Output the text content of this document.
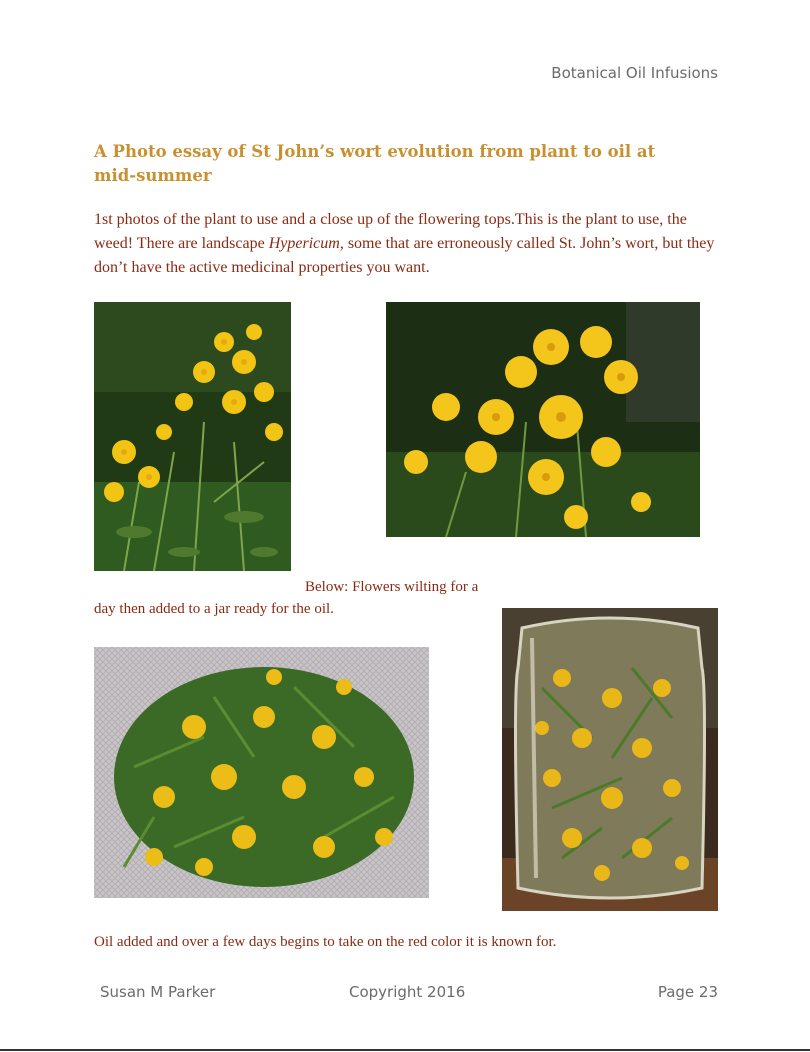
Botanical Oil Infusions
A Photo essay of St John’s wort evolution from plant to oil at mid-summer
1st photos of the plant to use and a close up of the flowering tops.This is the plant to use, the weed! There are landscape Hypericum, some that are erroneously called St. John’s wort, but they don’t have the active medicinal properties you want.
Below: Flowers wilting for a
day then added to a jar ready for the oil.
Oil added and over a few days begins to take on the red color it is known for.
Susan M Parker	Copyright 2016	Page 23
